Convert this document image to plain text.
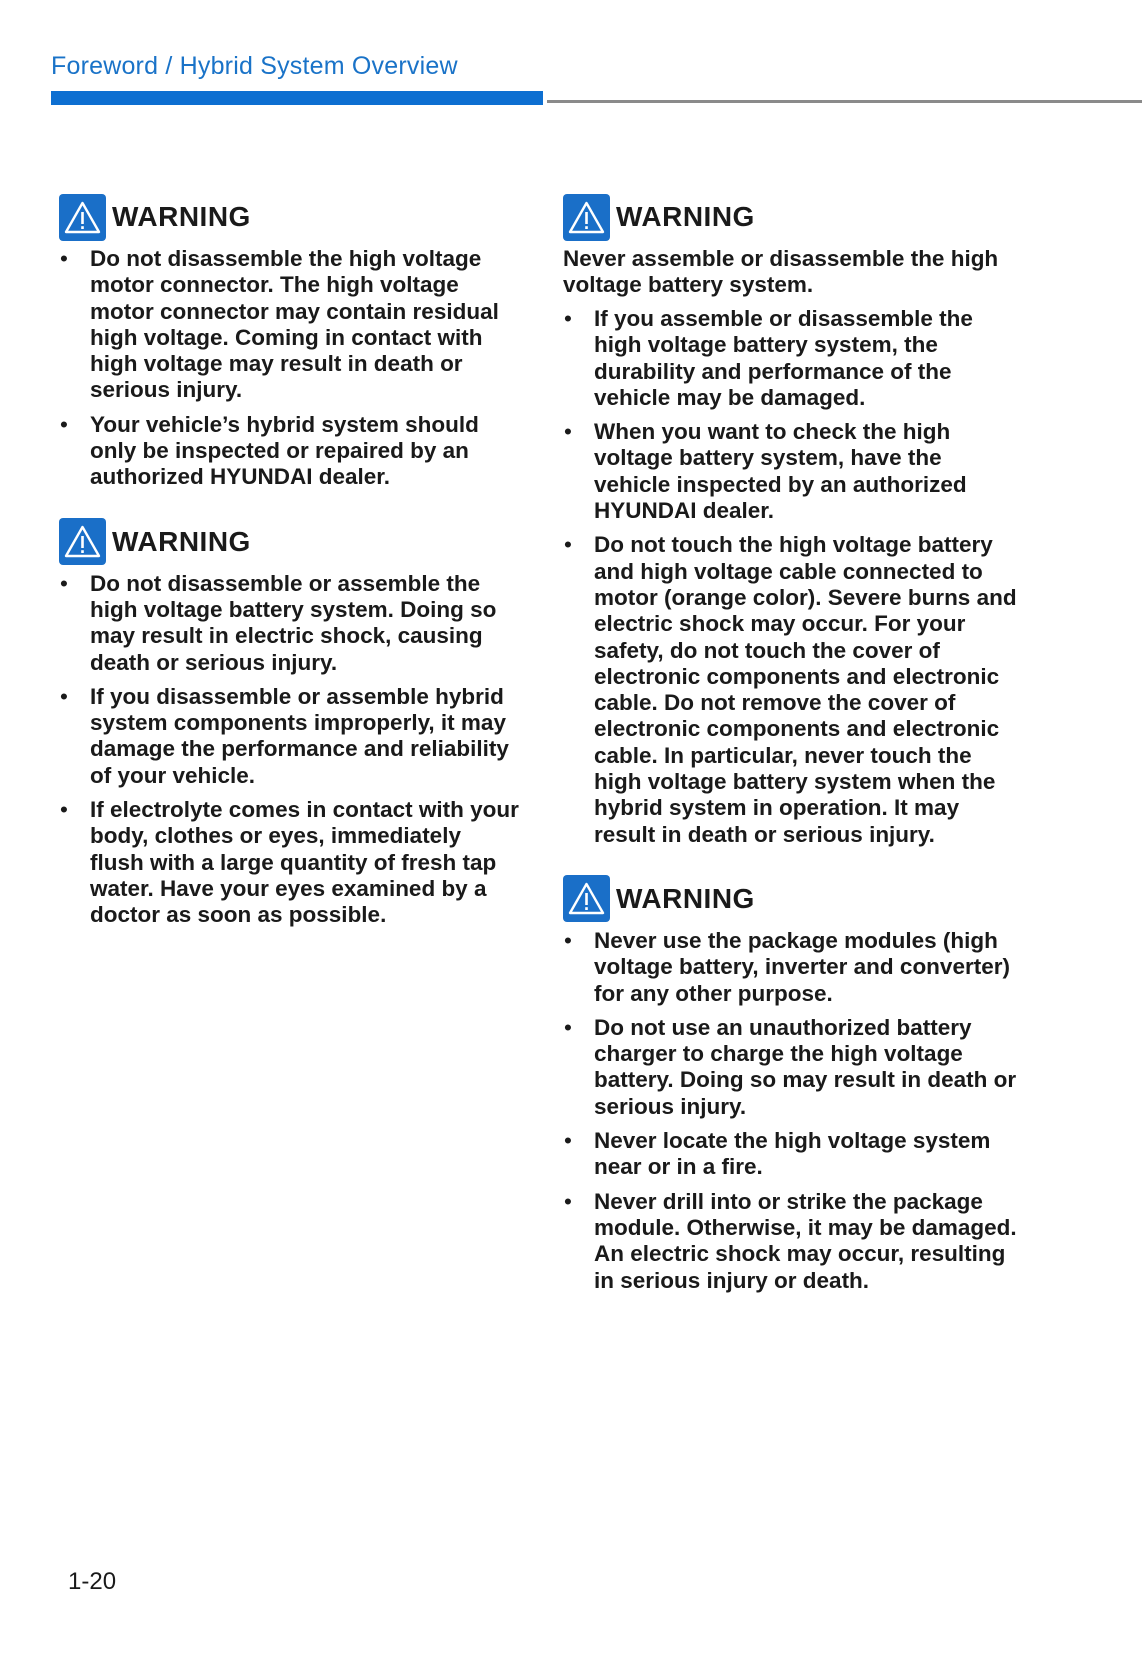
Foreword / Hybrid System Overview
WARNING
• Do not disassemble the high voltage motor connector. The high voltage motor connector may contain residual high voltage. Coming in contact with high voltage may result in death or serious injury.
• Your vehicle’s hybrid system should only be inspected or repaired by an authorized HYUNDAI dealer.
WARNING
• Do not disassemble or assemble the high voltage battery system. Doing so may result in electric shock, causing death or serious injury.
• If you disassemble or assemble hybrid system components improperly, it may damage the performance and reliability of your vehicle.
• If electrolyte comes in contact with your body, clothes or eyes, immediately flush with a large quantity of fresh tap water. Have your eyes examined by a doctor as soon as possible.
WARNING
Never assemble or disassemble the high voltage battery system.
• If you assemble or disassemble the high voltage battery system, the durability and performance of the vehicle may be damaged.
• When you want to check the high voltage battery system, have the vehicle inspected by an authorized HYUNDAI dealer.
• Do not touch the high voltage battery and high voltage cable connected to motor (orange color). Severe burns and electric shock may occur. For your safety, do not touch the cover of electronic components and electronic cable. Do not remove the cover of electronic components and electronic cable. In particular, never touch the high voltage battery system when the hybrid system in operation. It may result in death or serious injury.
WARNING
• Never use the package modules (high voltage battery, inverter and converter) for any other purpose.
• Do not use an unauthorized battery charger to charge the high voltage battery. Doing so may result in death or serious injury.
• Never locate the high voltage system near or in a fire.
• Never drill into or strike the package module. Otherwise, it may be damaged. An electric shock may occur, resulting in serious injury or death.
1-20
